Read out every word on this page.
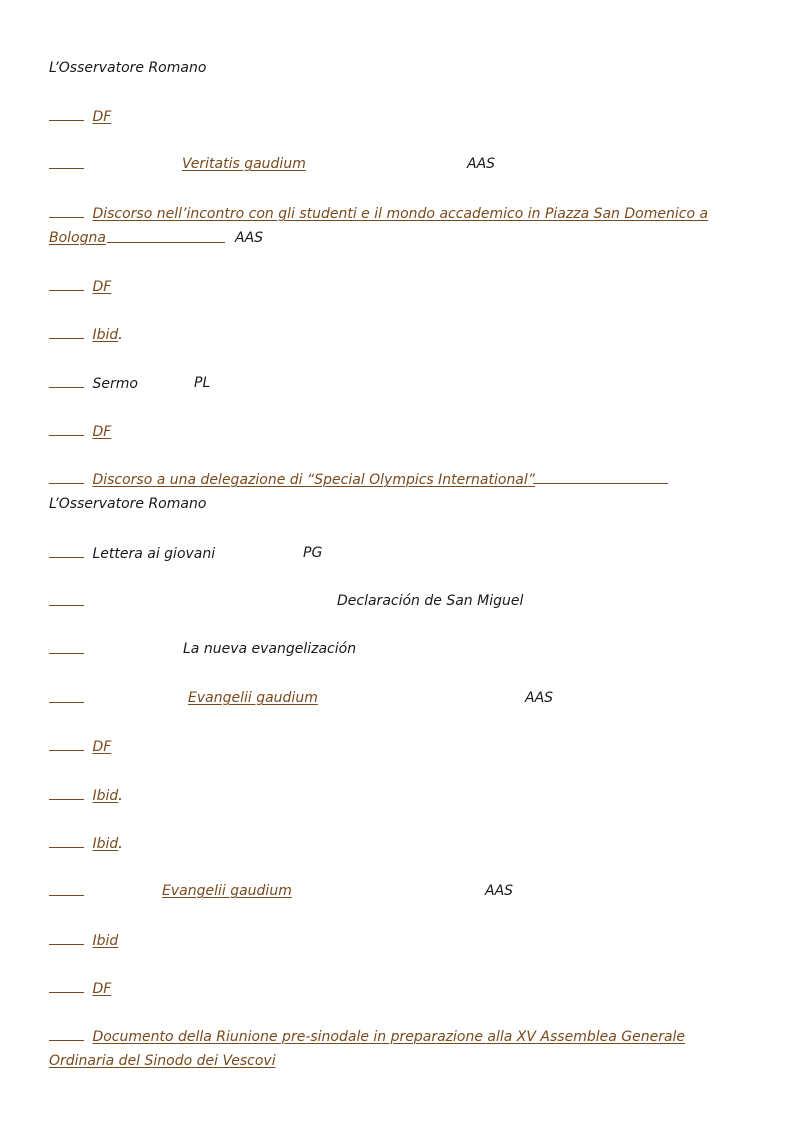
L’Osservatore Romano
DF
Veritatis gaudium	AAS
Discorso nell’incontro con gli studenti e il mondo accademico in Piazza San Domenico a
Bologna	AAS
DF
Ibid.
Sermo	PL
DF
Discorso a una delegazione di “Special Olympics International”
L’Osservatore Romano
Lettera ai giovani	PG
Declaración de San Miguel
La nueva evangelización
Evangelii gaudium	AAS
DF
Ibid.
Ibid.
Evangelii gaudium	AAS
Ibid
DF
Documento della Riunione pre-sinodale in preparazione alla XV Assemblea Generale
Ordinaria del Sinodo dei Vescovi
